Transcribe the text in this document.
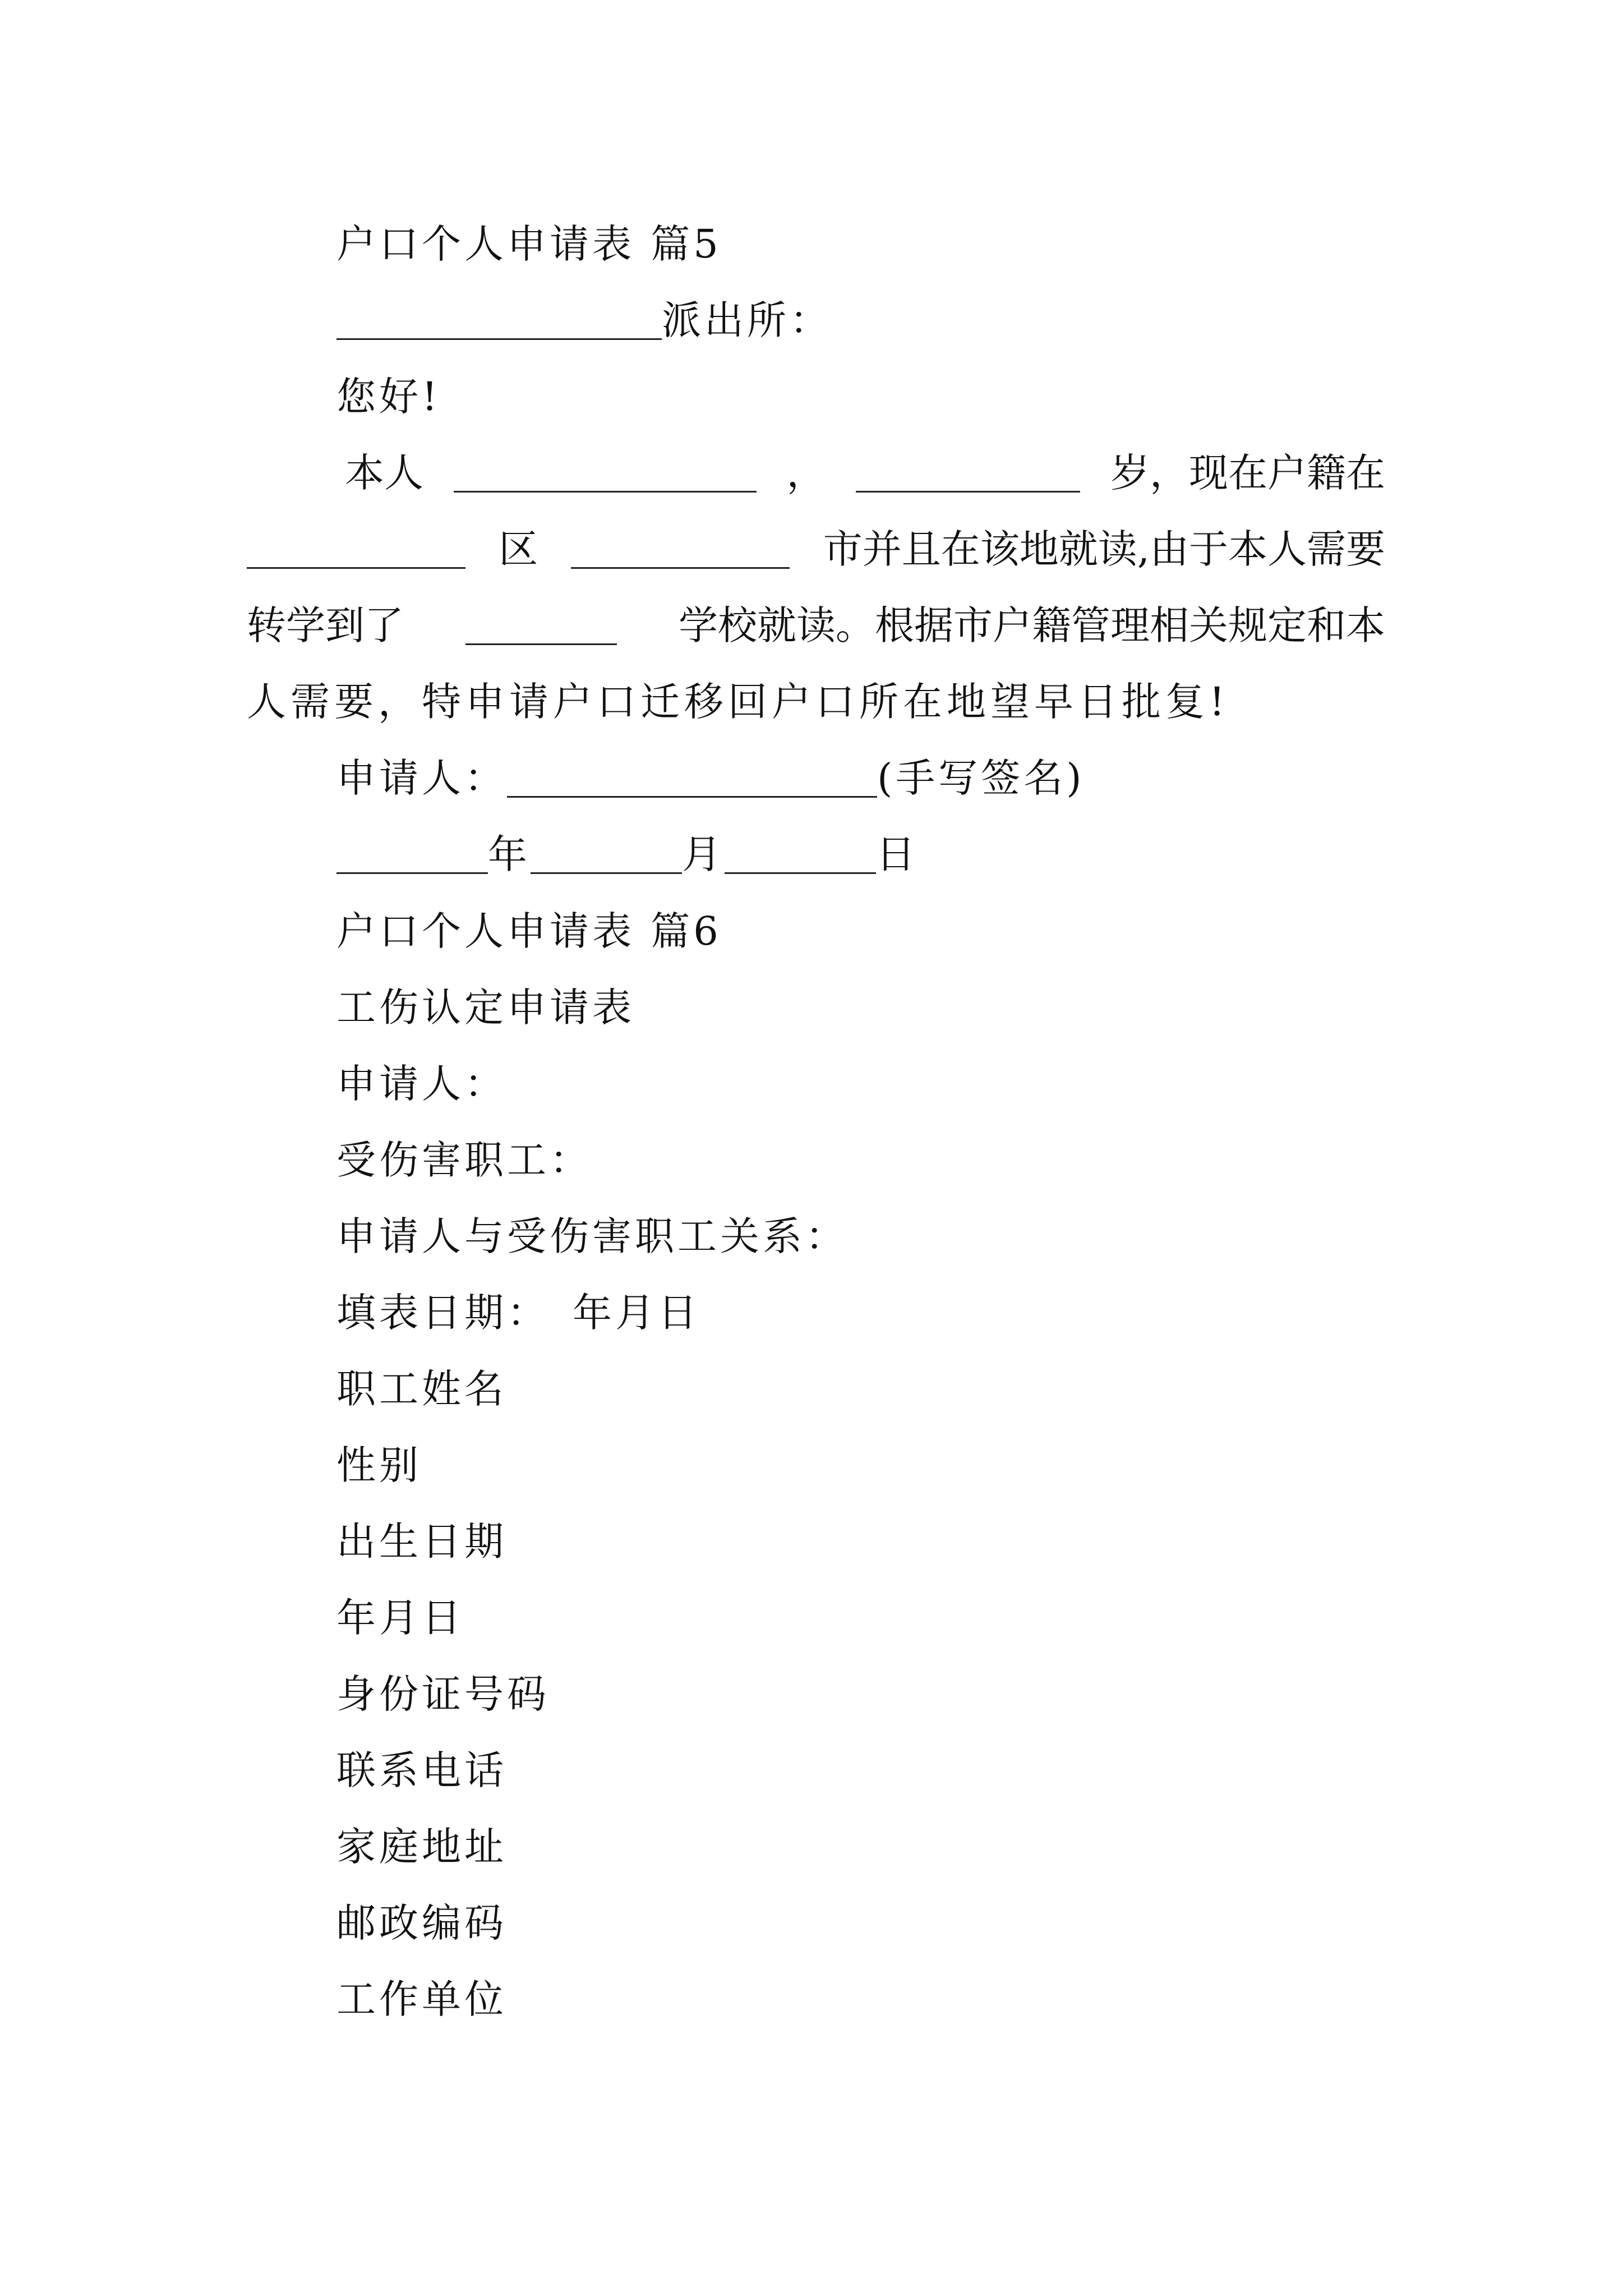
户口个人申请表 篇5
派出所：
您好!
本人	，	岁，现在户籍在
区	市并且在该地就读,由于本人需要
转学到了	学校就读。根据市户籍管理相关规定和本
人需要，特申请户口迁移回户口所在地望早日批复!
申请人：	(手写签名)
年	月	日
户口个人申请表 篇6
工伤认定申请表
申请人：
受伤害职工：
申请人与受伤害职工关系：
填表日期：　年月日
职工姓名
性别
出生日期
年月日
身份证号码
联系电话
家庭地址
邮政编码
工作单位
